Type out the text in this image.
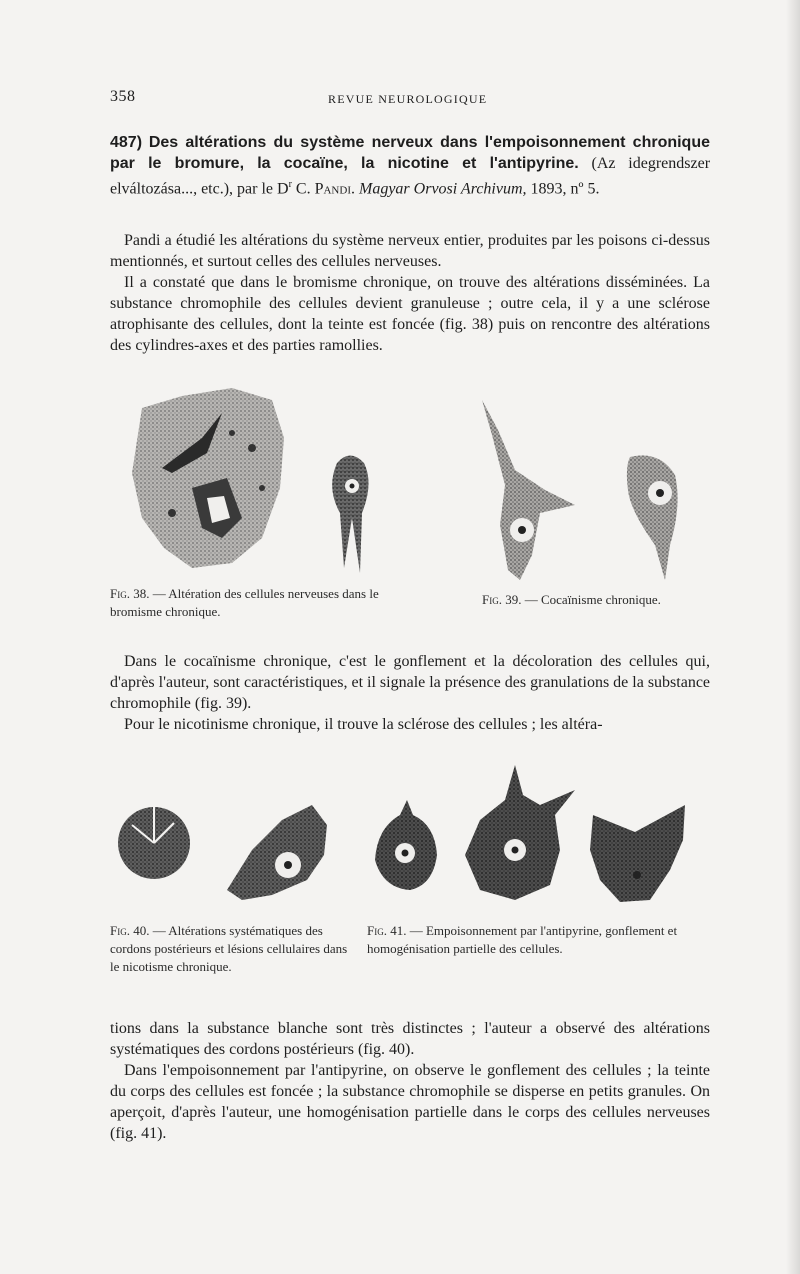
358	REVUE NEUROLOGIQUE

487) Des altérations du système nerveux dans l'empoisonnement chronique par le bromure, la cocaïne, la nicotine et l'antipyrine. (Az idegrendszer elváltozása..., etc.), par le $D^r$ C. Pandi. Magyar Orvosi Archivum, 1893, nº 5.

Pandi a étudié les altérations du système nerveux entier, produites par les poisons ci-dessus mentionnés, et surtout celles des cellules nerveuses.

Il a constaté que dans le bromisme chronique, on trouve des altérations disséminées. La substance chromophile des cellules devient granuleuse ; outre cela, il y a une sclérose atrophisante des cellules, dont la teinte est foncée (fig. 38) puis on rencontre des altérations des cylindres-axes et des parties ramollies.

Fig. 38. — Altération des cellules nerveuses dans le bromisme chronique.
Fig. 39. — Cocaïnisme chronique.

Dans le cocaïnisme chronique, c'est le gonflement et la décoloration des cellules qui, d'après l'auteur, sont caractéristiques, et il signale la présence des granulations de la substance chromophile (fig. 39).

Pour le nicotinisme chronique, il trouve la sclérose des cellules ; les altéra-

Fig. 40. — Altérations systématiques des cordons postérieurs et lésions cellulaires dans le nicotisme chronique.
Fig. 41. — Empoisonnement par l'antipyrine, gonflement et homogénisation partielle des cellules.

tions dans la substance blanche sont très distinctes ; l'auteur a observé des altérations systématiques des cordons postérieurs (fig. 40).

Dans l'empoisonnement par l'antipyrine, on observe le gonflement des cellules ; la teinte du corps des cellules est foncée ; la substance chromophile se disperse en petits granules. On aperçoit, d'après l'auteur, une homogénisation partielle dans le corps des cellules nerveuses (fig. 41).
